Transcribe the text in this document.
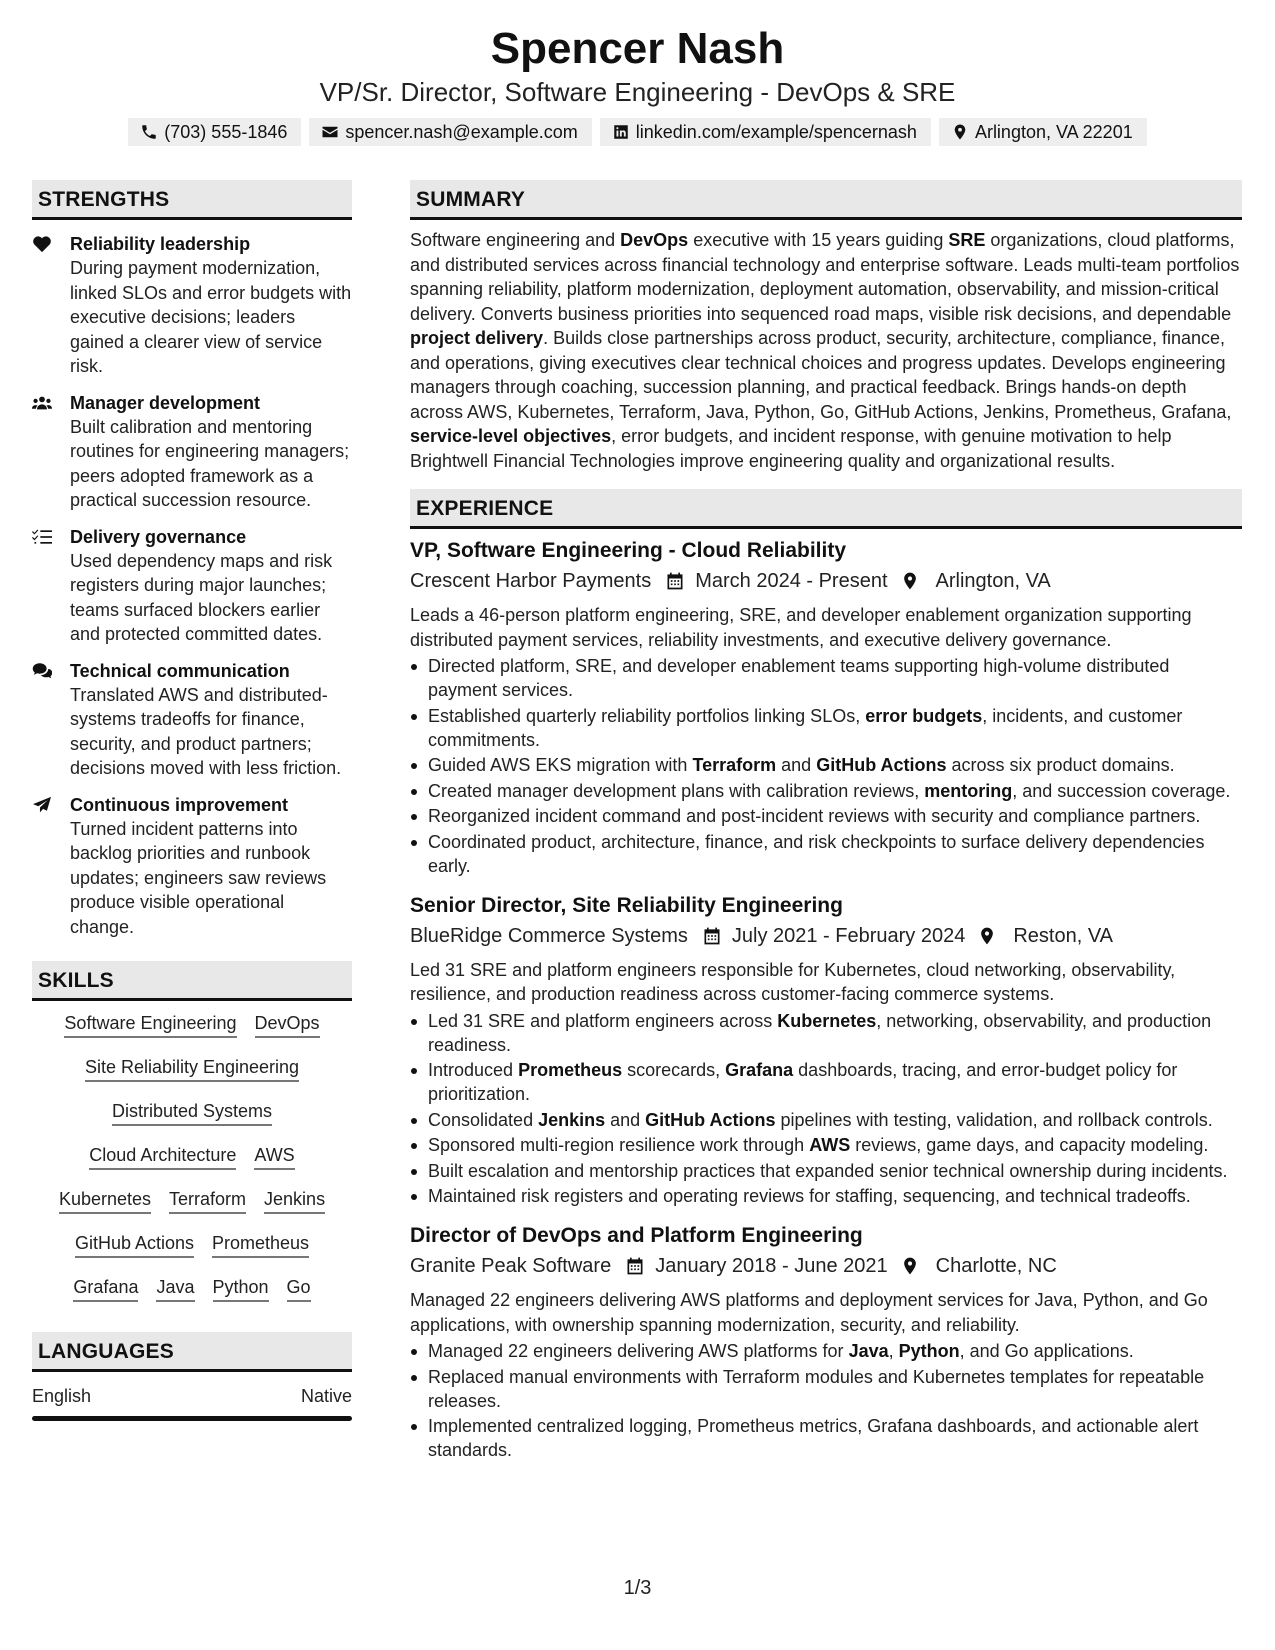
Spencer Nash
VP/Sr. Director, Software Engineering - DevOps & SRE
(703) 555-1846	spencer.nash@example.com	linkedin.com/example/spencernash	Arlington, VA 22201
STRENGTHS
Reliability leadership
During payment modernization, linked SLOs and error budgets with executive decisions; leaders gained a clearer view of service risk.
Manager development
Built calibration and mentoring routines for engineering managers; peers adopted framework as a practical succession resource.
Delivery governance
Used dependency maps and risk registers during major launches; teams surfaced blockers earlier and protected committed dates.
Technical communication
Translated AWS and distributed-systems tradeoffs for finance, security, and product partners; decisions moved with less friction.
Continuous improvement
Turned incident patterns into backlog priorities and runbook updates; engineers saw reviews produce visible operational change.
SKILLS
Software Engineering DevOps
Site Reliability Engineering
Distributed Systems
Cloud Architecture AWS
Kubernetes Terraform Jenkins
GitHub Actions Prometheus
Grafana Java Python Go
LANGUAGES
English	Native
SUMMARY

Software engineering and DevOps executive with 15 years guiding SRE organizations, cloud platforms, and distributed services across financial technology and enterprise software. Leads multi-team portfolios spanning reliability, platform modernization, deployment automation, observability, and mission-critical delivery. Converts business priorities into sequenced road maps, visible risk decisions, and dependable project delivery. Builds close partnerships across product, security, architecture, compliance, finance, and operations, giving executives clear technical choices and progress updates. Develops engineering managers through coaching, succession planning, and practical feedback. Brings hands-on depth across AWS, Kubernetes, Terraform, Java, Python, Go, GitHub Actions, Jenkins, Prometheus, Grafana, service-level objectives, error budgets, and incident response, with genuine motivation to help Brightwell Financial Technologies improve engineering quality and organizational results.

EXPERIENCE
VP, Software Engineering - Cloud Reliability
Crescent Harbor Payments March 2024 - Present Arlington, VA

Leads a 46-person platform engineering, SRE, and developer enablement organization supporting distributed payment services, reliability investments, and executive delivery governance.

Directed platform, SRE, and developer enablement teams supporting high-volume distributed payment services.
Established quarterly reliability portfolios linking SLOs, error budgets, incidents, and customer commitments.
Guided AWS EKS migration with Terraform and GitHub Actions across six product domains.
Created manager development plans with calibration reviews, mentoring, and succession coverage.
Reorganized incident command and post-incident reviews with security and compliance partners.
Coordinated product, architecture, finance, and risk checkpoints to surface delivery dependencies early.
Senior Director, Site Reliability Engineering
BlueRidge Commerce Systems July 2021 - February 2024 Reston, VA

Led 31 SRE and platform engineers responsible for Kubernetes, cloud networking, observability, resilience, and production readiness across customer-facing commerce systems.

Led 31 SRE and platform engineers across Kubernetes, networking, observability, and production readiness.
Introduced Prometheus scorecards, Grafana dashboards, tracing, and error-budget policy for prioritization.
Consolidated Jenkins and GitHub Actions pipelines with testing, validation, and rollback controls.
Sponsored multi-region resilience work through AWS reviews, game days, and capacity modeling.
Built escalation and mentorship practices that expanded senior technical ownership during incidents.
Maintained risk registers and operating reviews for staffing, sequencing, and technical tradeoffs.
Director of DevOps and Platform Engineering
Granite Peak Software January 2018 - June 2021 Charlotte, NC

Managed 22 engineers delivering AWS platforms and deployment services for Java, Python, and Go applications, with ownership spanning modernization, security, and reliability.

Managed 22 engineers delivering AWS platforms for Java, Python, and Go applications.
Replaced manual environments with Terraform modules and Kubernetes templates for repeatable releases.
Implemented centralized logging, Prometheus metrics, Grafana dashboards, and actionable alert standards.
1/3
